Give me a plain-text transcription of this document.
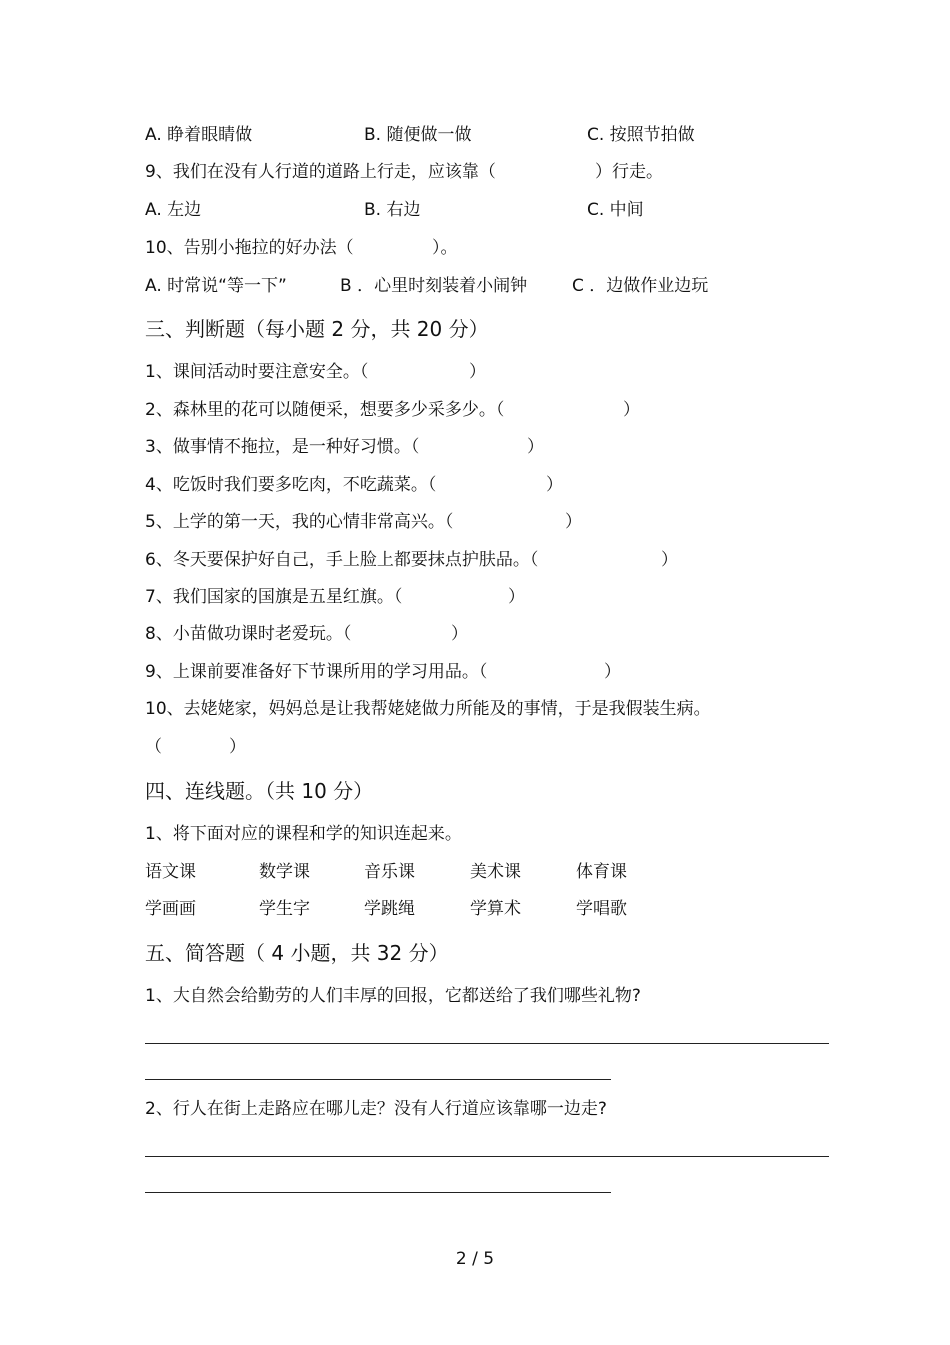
A. 睁着眼睛做	B. 随便做一做	C. 按照节拍做
9、我们在没有人行道的道路上行走，应该靠（	）行走。
A. 左边	B. 右边	C. 中间
10、告别小拖拉的好办法（	）。
A. 时常说“等一下”	B ．心里时刻装着小闹钟	C ．边做作业边玩
三、判断题（每小题 2 分，共 20 分）
1、课间活动时要注意安全。（	）
2、森林里的花可以随便采，想要多少采多少。（	）
3、做事情不拖拉，是一种好习惯。（	）
4、吃饭时我们要多吃肉，不吃蔬菜。（	）
5、上学的第一天，我的心情非常高兴。（	）
6、冬天要保护好自己，手上脸上都要抹点护肤品。（	）
7、我们国家的国旗是五星红旗。（	）
8、小苗做功课时老爱玩。（	）
9、上课前要准备好下节课所用的学习用品。（	）
10、去姥姥家，妈妈总是让我帮姥姥做力所能及的事情，于是我假装生病。
（	）
四、连线题。（共 10 分）
1、将下面对应的课程和学的知识连起来。
语文课	数学课	音乐课	美术课	体育课
学画画	学生字	学跳绳	学算术	学唱歌
五、简答题（ 4 小题，共 32 分）
1、大自然会给勤劳的人们丰厚的回报，它都送给了我们哪些礼物?
2、行人在街上走路应在哪儿走？没有人行道应该靠哪一边走?
2 / 5
